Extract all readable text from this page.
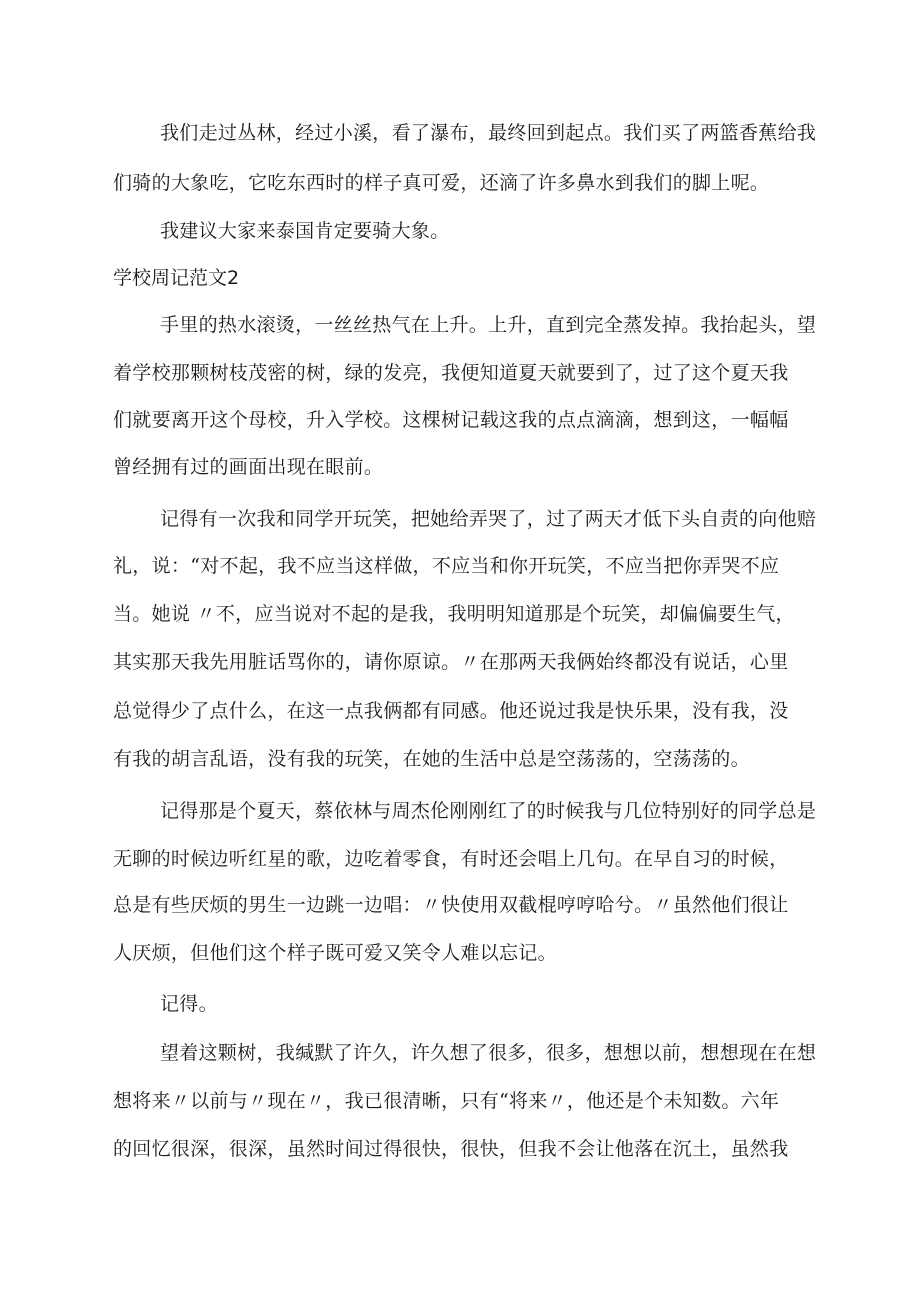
我们走过丛林，经过小溪，看了瀑布，最终回到起点。我们买了两篮香蕉给我
们骑的大象吃，它吃东西时的样子真可爱，还滴了许多鼻水到我们的脚上呢。
我建议大家来泰国肯定要骑大象。
学校周记范文2
手里的热水滚烫，一丝丝热气在上升。上升，直到完全蒸发掉。我抬起头，望
着学校那颗树枝茂密的树，绿的发亮，我便知道夏天就要到了，过了这个夏天我
们就要离开这个母校，升入学校。这棵树记载这我的点点滴滴，想到这，一幅幅
曾经拥有过的画面出现在眼前。
记得有一次我和同学开玩笑，把她给弄哭了，过了两天才低下头自责的向他赔
礼，说：“对不起，我不应当这样做，不应当和你开玩笑，不应当把你弄哭不应
当。她说 〃不，应当说对不起的是我，我明明知道那是个玩笑，却偏偏要生气，
其实那天我先用脏话骂你的，请你原谅。〃在那两天我俩始终都没有说话，心里
总觉得少了点什么，在这一点我俩都有同感。他还说过我是快乐果，没有我，没
有我的胡言乱语，没有我的玩笑，在她的生活中总是空荡荡的，空荡荡的。
记得那是个夏天，蔡依林与周杰伦刚刚红了的时候我与几位特别好的同学总是
无聊的时候边听红星的歌，边吃着零食，有时还会唱上几句。在早自习的时候，
总是有些厌烦的男生一边跳一边唱：〃快使用双截棍哼哼哈兮。〃虽然他们很让
人厌烦，但他们这个样子既可爱又笑令人难以忘记。
记得。
望着这颗树，我缄默了许久，许久想了很多，很多，想想以前，想想现在在想
想将来〃以前与〃现在〃，我已很清晰，只有“将来〃，他还是个未知数。六年
的回忆很深，很深，虽然时间过得很快，很快，但我不会让他落在沉土，虽然我
